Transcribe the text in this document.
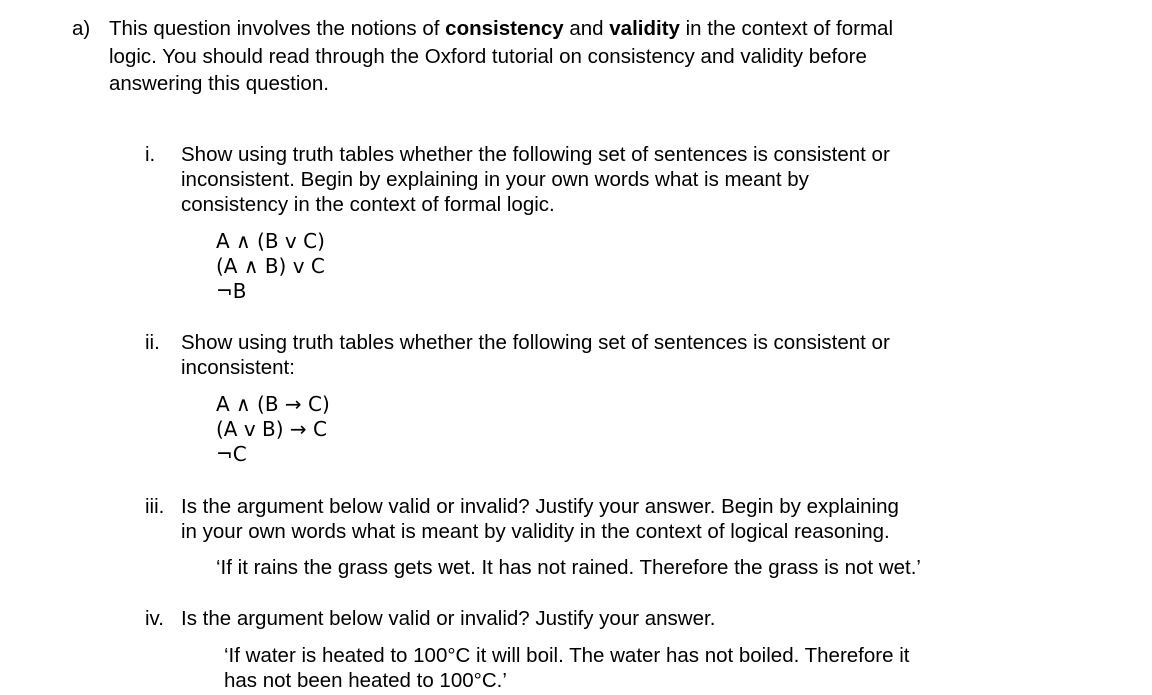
a) This question involves the notions of consistency and validity in the context of formal
logic. You should read through the Oxford tutorial on consistency and validity before
answering this question.
i. Show using truth tables whether the following set of sentences is consistent or
inconsistent. Begin by explaining in your own words what is meant by
consistency in the context of formal logic.
A ∧ (B v C)
(A ∧ B) v C
¬B
ii. Show using truth tables whether the following set of sentences is consistent or
inconsistent:
A ∧ (B → C)
(A v B) → C
¬C
iii. Is the argument below valid or invalid? Justify your answer. Begin by explaining
in your own words what is meant by validity in the context of logical reasoning.
‘If it rains the grass gets wet. It has not rained. Therefore the grass is not wet.’
iv. Is the argument below valid or invalid? Justify your answer.
‘If water is heated to 100°C it will boil. The water has not boiled. Therefore it
has not been heated to 100°C.’
